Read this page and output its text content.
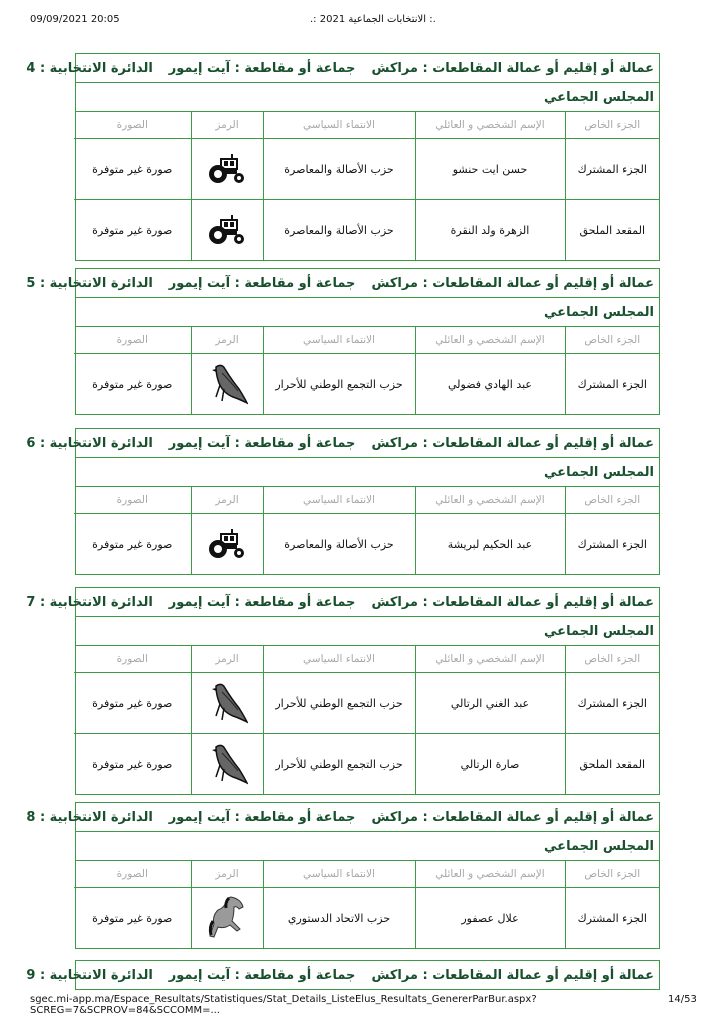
09/09/2021 20:05	.: الانتخابات الجماعية 2021 :.
عمالة أو إقليم أو عمالة المقاطعات : مراكش
جماعة أو مقاطعة : آيت إيمور
الدائرة الانتخابية : 4
المجلس الجماعي
الجزء الخاص	الإسم الشخصي و العائلي	الانتماء السياسي	الرمز	الصورة
الجزء المشترك	حسن ايت حنشو	حزب الأصالة والمعاصرة		صورة غير متوفرة
المقعد الملحق	الزهرة ولد النقرة	حزب الأصالة والمعاصرة		صورة غير متوفرة
عمالة أو إقليم أو عمالة المقاطعات : مراكش
جماعة أو مقاطعة : آيت إيمور
الدائرة الانتخابية : 5
المجلس الجماعي
الجزء الخاص	الإسم الشخصي و العائلي	الانتماء السياسي	الرمز	الصورة
الجزء المشترك	عبد الهادي فضولي	حزب التجمع الوطني للأحرار		صورة غير متوفرة
عمالة أو إقليم أو عمالة المقاطعات : مراكش
جماعة أو مقاطعة : آيت إيمور
الدائرة الانتخابية : 6
المجلس الجماعي
الجزء الخاص	الإسم الشخصي و العائلي	الانتماء السياسي	الرمز	الصورة
الجزء المشترك	عبد الحكيم لبريشة	حزب الأصالة والمعاصرة		صورة غير متوفرة
عمالة أو إقليم أو عمالة المقاطعات : مراكش
جماعة أو مقاطعة : آيت إيمور
الدائرة الانتخابية : 7
المجلس الجماعي
الجزء الخاص	الإسم الشخصي و العائلي	الانتماء السياسي	الرمز	الصورة
الجزء المشترك	عبد الغني الرتالي	حزب التجمع الوطني للأحرار		صورة غير متوفرة
المقعد الملحق	صارة الرتالي	حزب التجمع الوطني للأحرار		صورة غير متوفرة
عمالة أو إقليم أو عمالة المقاطعات : مراكش
جماعة أو مقاطعة : آيت إيمور
الدائرة الانتخابية : 8
المجلس الجماعي
الجزء الخاص	الإسم الشخصي و العائلي	الانتماء السياسي	الرمز	الصورة
الجزء المشترك	علال عصفور	حزب الاتحاد الدستوري		صورة غير متوفرة
عمالة أو إقليم أو عمالة المقاطعات : مراكش
جماعة أو مقاطعة : آيت إيمور
الدائرة الانتخابية : 9
sgec.mi-app.ma/Espace_Resultats/Statistiques/Stat_Details_ListeElus_Resultats_GenererParBur.aspx?SCREG=7&SCPROV=84&SCCOMM=...
14/53
